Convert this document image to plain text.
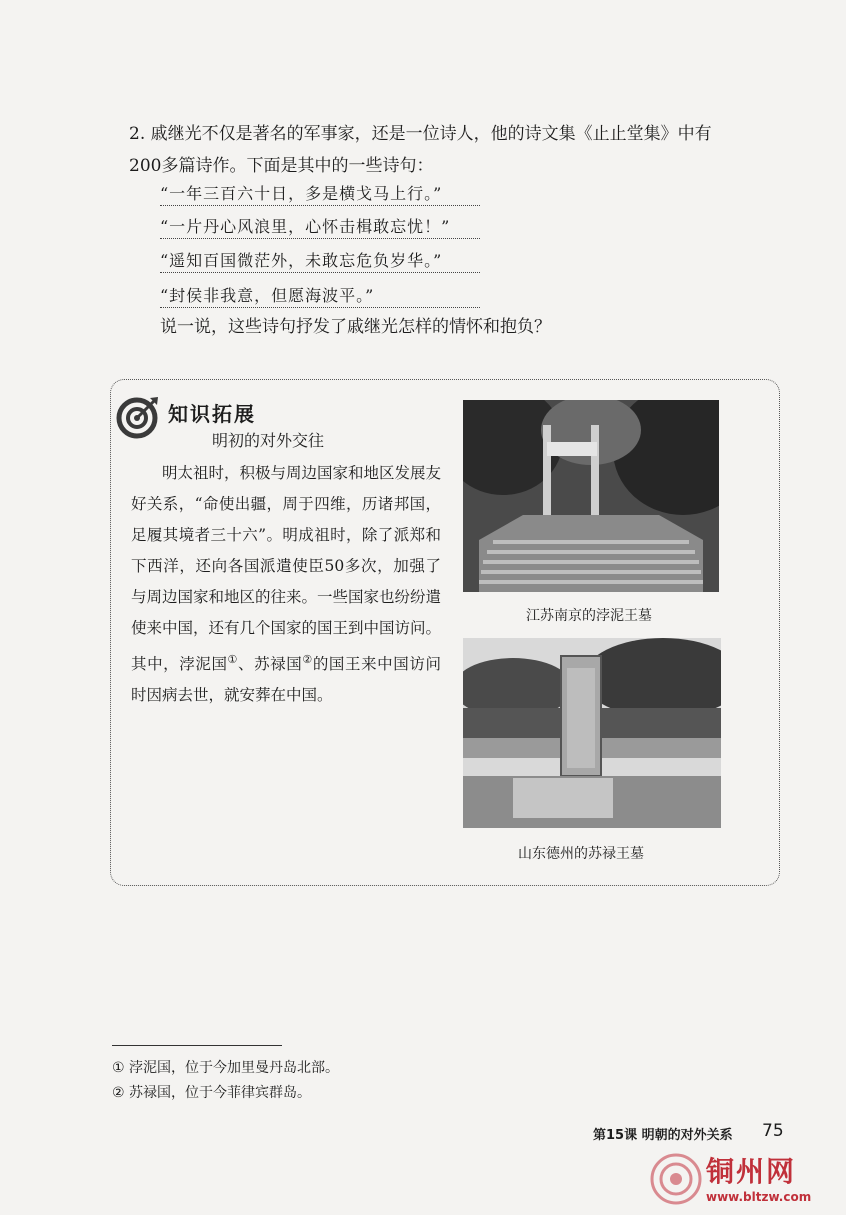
2. 戚继光不仅是著名的军事家，还是一位诗人，他的诗文集《止止堂集》中有
200多篇诗作。下面是其中的一些诗句：
“一年三百六十日，多是横戈马上行。”
“一片丹心风浪里，心怀击楫敢忘忧！”
“遥知百国微茫外，未敢忘危负岁华。”
“封侯非我意，但愿海波平。”
说一说，这些诗句抒发了戚继光怎样的情怀和抱负？
知识拓展
明初的对外交往

明太祖时，积极与周边国家和地区发展友好关系，“命使出疆，周于四维，历诸邦国，足履其境者三十六”。明成祖时，除了派郑和下西洋，还向各国派遣使臣50多次，加强了与周边国家和地区的往来。一些国家也纷纷遣使来中国，还有几个国家的国王到中国访问。其中，浡泥国①、苏禄国②的国王来中国访问时因病去世，就安葬在中国。

江苏南京的浡泥王墓
山东德州的苏禄王墓
① 浡泥国，位于今加里曼丹岛北部。
② 苏禄国，位于今菲律宾群岛。
第15课 明朝的对外关系 75
铜州网
www.bltzw.com
